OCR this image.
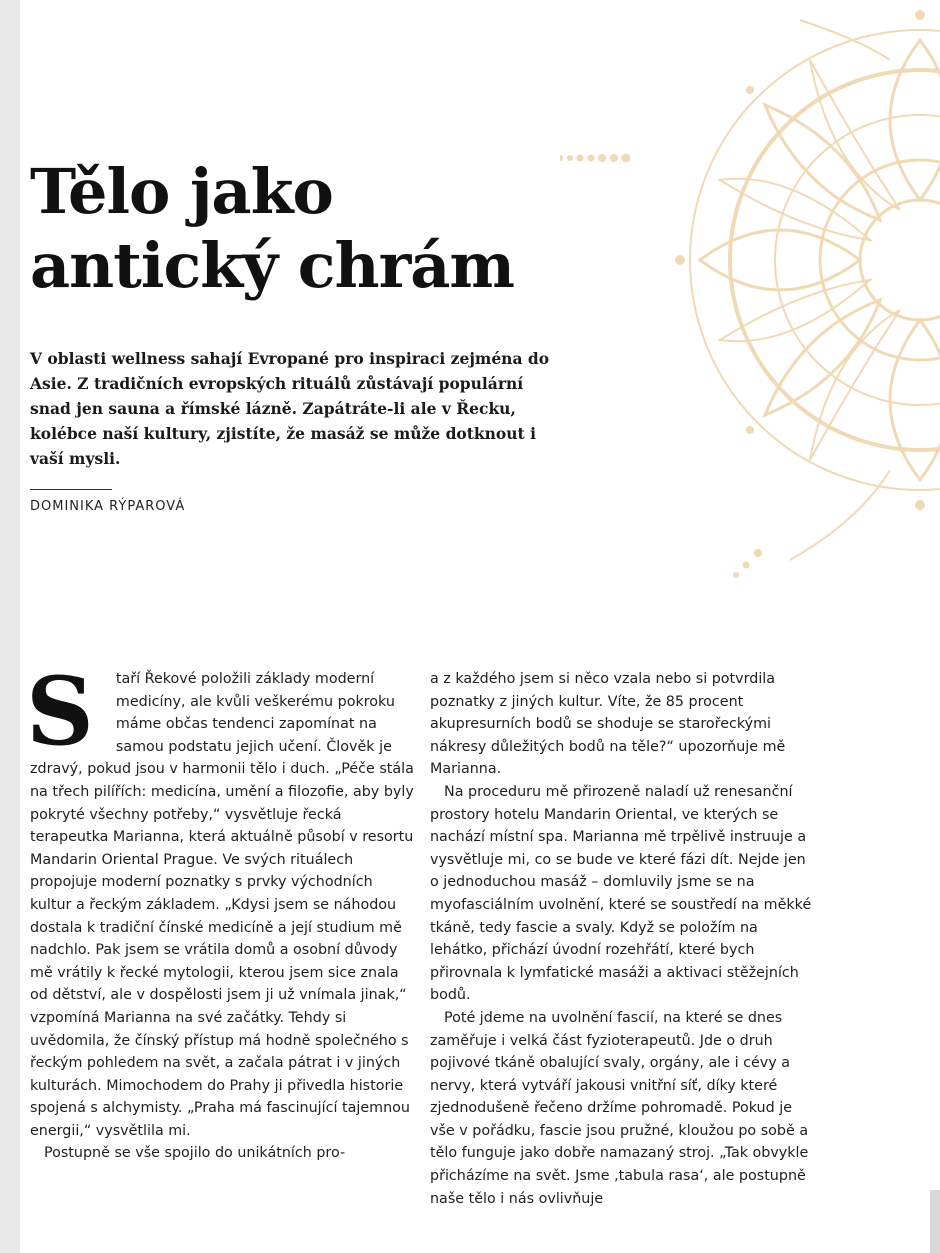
Tělo jako
antický chrám

V oblasti wellness sahají Evropané pro inspiraci zejména do Asie. Z tradičních evropských rituálů zůstávají populární snad jen sauna a římské lázně. Zapátráte-li ale v Řecku, kolébce naší kultury, zjistíte, že masáž se může dotknout i vaší mysli.

DOMINIKA RÝPAROVÁ

S taří Řekové položili základy moderní medicíny, ale kvůli veškerému pokroku máme občas tendenci zapomínat na samou podstatu jejich učení. Člověk je zdravý, pokud jsou v harmonii tělo i duch. „Péče stála na třech pilířích: medicína, umění a filozofie, aby byly pokryté všechny potřeby,“ vysvětluje řecká terapeutka Marianna, která aktuálně působí v resortu Mandarin Oriental Prague. Ve svých rituálech propojuje moderní poznatky s prvky východních kultur a řeckým základem. „Kdysi jsem se náhodou dostala k tradiční čínské medicíně a její studium mě nadchlo. Pak jsem se vrátila domů a osobní důvody mě vrátily k řecké mytologii, kterou jsem sice znala od dětství, ale v dospělosti jsem ji už vnímala jinak,“ vzpomíná Marianna na své začátky. Tehdy si uvědomila, že čínský přístup má hodně společného s řeckým pohledem na svět, a začala pátrat i v jiných kulturách. Mimochodem do Prahy ji přivedla historie spojená s alchymisty. „Praha má fascinující tajemnou energii,“ vysvětlila mi.

Postupně se vše spojilo do unikátních pro-

a z každého jsem si něco vzala nebo si potvrdila poznatky z jiných kultur. Víte, že 85 procent akupresurních bodů se shoduje se starořeckými nákresy důležitých bodů na těle?“ upozorňuje mě Marianna.

Na proceduru mě přirozeně naladí už renesanční prostory hotelu Mandarin Oriental, ve kterých se nachází místní spa. Marianna mě trpělivě instruuje a vysvětluje mi, co se bude ve které fázi dít. Nejde jen o jednoduchou masáž – domluvily jsme se na myofasciálním uvolnění, které se soustředí na měkké tkáně, tedy fascie a svaly. Když se položím na lehátko, přichází úvodní rozehřátí, které bych přirovnala k lymfatické masáži a aktivaci stěžejních bodů.

Poté jdeme na uvolnění fascií, na které se dnes zaměřuje i velká část fyzioterapeutů. Jde o druh pojivové tkáně obalující svaly, orgány, ale i cévy a nervy, která vytváří jakousi vnitřní síť, díky které zjednodušeně řečeno držíme pohromadě. Pokud je vše v pořádku, fascie jsou pružné, kloužou po sobě a tělo funguje jako dobře namazaný stroj. „Tak obvykle přicházíme na svět. Jsme ‚tabula rasa‘, ale postupně naše tělo i nás ovlivňuje
